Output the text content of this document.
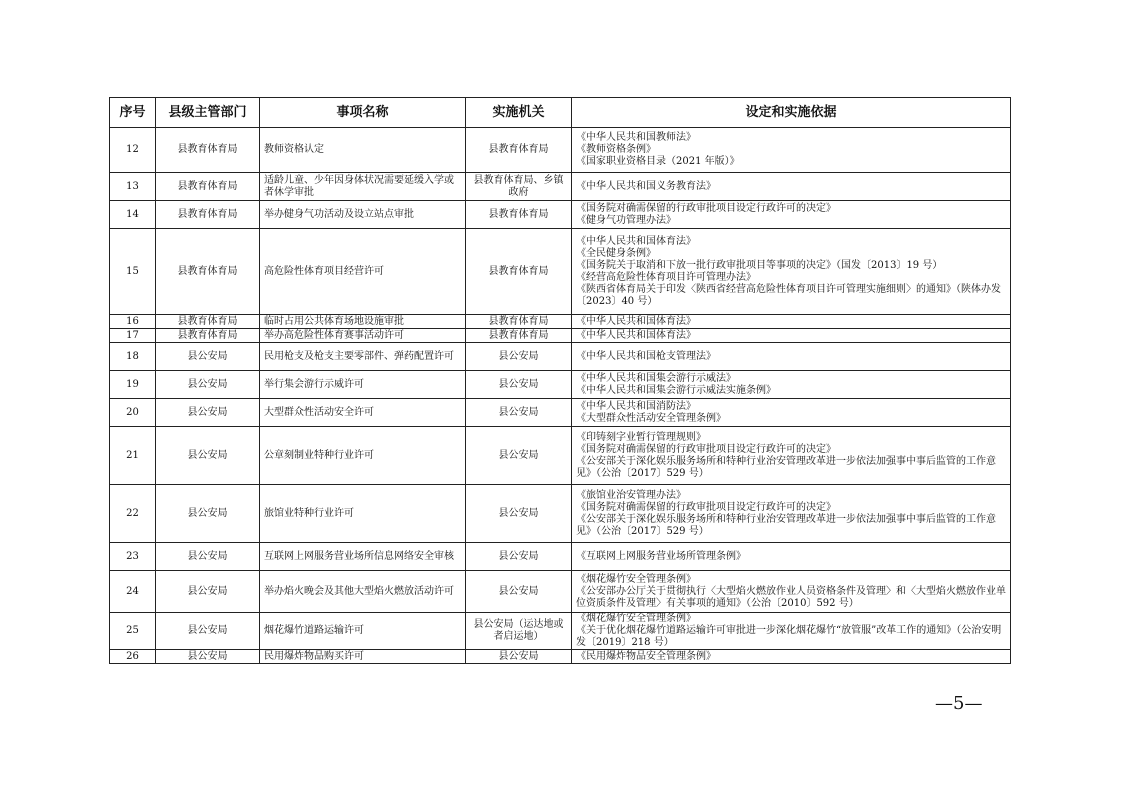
序号	县级主管部门	事项名称	实施机关	设定和实施依据
12	县教育体育局	教师资格认定	县教育体育局	《中华人民共和国教师法》
《教师资格条例》
《国家职业资格目录（2021 年版）》

13	县教育体育局	适龄儿童、少年因身体状况需要延缓入学或者休学审批	县教育体育局、乡镇政府	《中华人民共和国义务教育法》

14	县教育体育局	举办健身气功活动及设立站点审批	县教育体育局	《国务院对确需保留的行政审批项目设定行政许可的决定》
《健身气功管理办法》

15	县教育体育局	高危险性体育项目经营许可	县教育体育局	《中华人民共和国体育法》
《全民健身条例》
《国务院关于取消和下放一批行政审批项目等事项的决定》（国发〔2013〕19 号）
《经营高危险性体育项目许可管理办法》
《陕西省体育局关于印发〈陕西省经营高危险性体育项目许可管理实施细则〉的通知》（陕体办发〔2023〕40 号）

16	县教育体育局	临时占用公共体育场地设施审批	县教育体育局	《中华人民共和国体育法》

17	县教育体育局	举办高危险性体育赛事活动许可	县教育体育局	《中华人民共和国体育法》

18	县公安局	民用枪支及枪支主要零部件、弹药配置许可	县公安局	《中华人民共和国枪支管理法》

19	县公安局	举行集会游行示威许可	县公安局	《中华人民共和国集会游行示威法》
《中华人民共和国集会游行示威法实施条例》

20	县公安局	大型群众性活动安全许可	县公安局	《中华人民共和国消防法》
《大型群众性活动安全管理条例》

21	县公安局	公章刻制业特种行业许可	县公安局	《印铸刻字业暂行管理规则》
《国务院对确需保留的行政审批项目设定行政许可的决定》
《公安部关于深化娱乐服务场所和特种行业治安管理改革进一步依法加强事中事后监管的工作意见》（公治〔2017〕529 号）

22	县公安局	旅馆业特种行业许可	县公安局	《旅馆业治安管理办法》
《国务院对确需保留的行政审批项目设定行政许可的决定》
《公安部关于深化娱乐服务场所和特种行业治安管理改革进一步依法加强事中事后监管的工作意见》（公治〔2017〕529 号）

23	县公安局	互联网上网服务营业场所信息网络安全审核	县公安局	《互联网上网服务营业场所管理条例》

24	县公安局	举办焰火晚会及其他大型焰火燃放活动许可	县公安局	《烟花爆竹安全管理条例》
《公安部办公厅关于贯彻执行〈大型焰火燃放作业人员资格条件及管理〉和〈大型焰火燃放作业单位资质条件及管理〉有关事项的通知》（公治〔2010〕592 号）

25	县公安局	烟花爆竹道路运输许可	县公安局（运达地或者启运地）	《烟花爆竹安全管理条例》
《关于优化烟花爆竹道路运输许可审批进一步深化烟花爆竹“放管服”改革工作的通知》（公治安明发〔2019〕218 号）

26	县公安局	民用爆炸物品购买许可	县公安局	《民用爆炸物品安全管理条例》
—5—
